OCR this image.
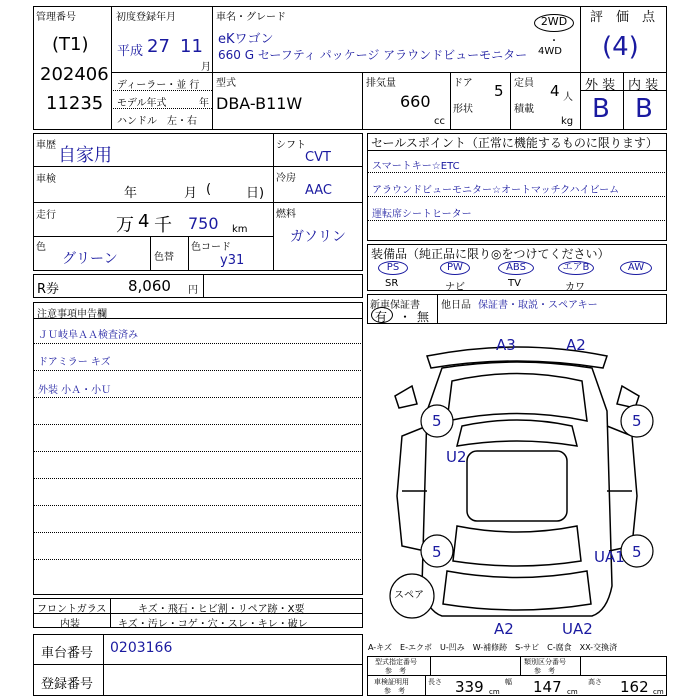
管理番号
(T1)
202406
11235
初度登録年月
平成 27 11
月
車名・グレード
eKワゴン
660 G セーフティ パッケージ アラウンドビューモニター
2WD
・
4WD
評　価　点
(4)
ディーラー・並 行
モデル年式	年
ハンドル　左・右
型式
DBA-B11W
排気量
660
cc
ドア 5
形状
定員 4 人
積載
kg
外 装 内 装
B B
車歴 自家用
車検
年	月 (	日)
走行	万 4 千 750 km
色
グリーン	色替
色コード
y31
シフト
CVT
冷房
AAC
燃料
ガソリン
セールスポイント（正常に機能するものに限ります）
スマートキー☆ETC
アラウンドビューモニター☆オートマッチクハイビーム
運転席シートヒーター
装備品（純正品に限り◎をつけてください）
PS	PW	ABS	エアB	AW
SR	ナビ	TV	カワ
R券	8,060 円
新車保証書
有 ・ 無
他日品 保証書・取説・スペアキー
注意事項申告欄
ＪＵ岐阜ＡＡ検査済み
ドアミラー キズ
外装 小Ａ・小Ｕ
A3	A2
5	5
U2
5	5
UA1
A2	UA2
スペア
フロントガラス	キズ・飛石・ヒビ割・リペア跡・X要
内装	キズ・汚レ・コゲ・穴・スレ・キレ・破レ
A-キズ　E-エクボ　U-凹み　W-補修跡　S-サビ　C-腐食　XX-交換済
車台番号 0203166
登録番号
型式指定番号
参　考
類別区分番号
参　考
車検証明用
参　考
長さ 339 cm
幅 147 cm
高さ 162 cm
